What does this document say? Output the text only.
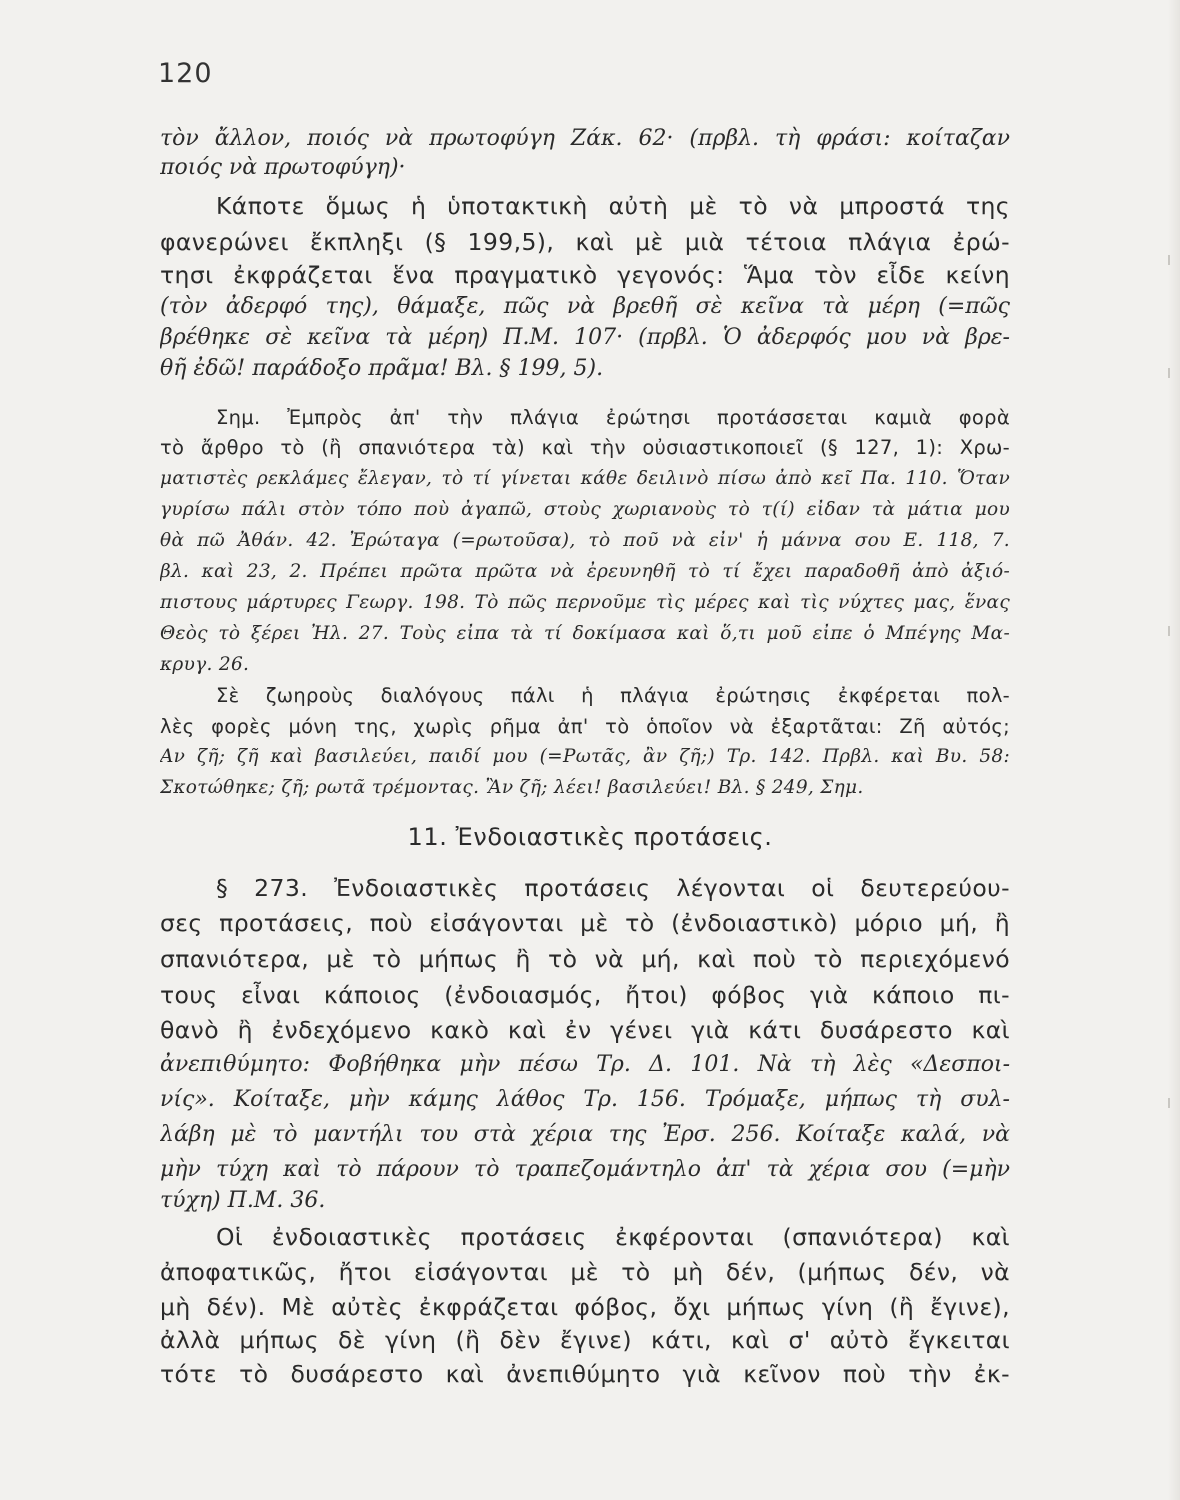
120
τὸν ἄλλον, ποιός νὰ πρωτοφύγη Ζάκ. 62· (πρβλ. τὴ φράσι: κοίταζαν
ποιός νὰ πρωτοφύγη)·
Κάποτε ὅμως ἡ ὑποτακτικὴ αὐτὴ μὲ τὸ νὰ μπροστά της
φανερώνει ἔκπληξι (§ 199,5), καὶ μὲ μιὰ τέτοια πλάγια ἐρώ-
τησι ἐκφράζεται ἕνα πραγματικὸ γεγονός: Ἅμα τὸν εἶδε κείνη
(τὸν ἀδερφό της), θάμαξε, πῶς νὰ βρεθῆ σὲ κεῖνα τὰ μέρη (=πῶς
βρέθηκε σὲ κεῖνα τὰ μέρη) Π.Μ. 107· (πρβλ. Ὁ ἀδερφός μου νὰ βρε-
θῆ ἐδῶ! παράδοξο πρᾶμα! Βλ. § 199, 5).
Σημ. Ἐμπρὸς ἀπ' τὴν πλάγια ἐρώτησι προτάσσεται καμιὰ φορὰ
τὸ ἄρθρο τὸ (ἢ σπανιότερα τὰ) καὶ τὴν οὐσιαστικοποιεῖ (§ 127, 1): Χρω-
ματιστὲς ρεκλάμες ἔλεγαν, τὸ τί γίνεται κάθε δειλινὸ πίσω ἀπὸ κεῖ Πα. 110. Ὅταν
γυρίσω πάλι στὸν τόπο ποὺ ἀγαπῶ, στοὺς χωριανοὺς τὸ τ(ί) εἶδαν τὰ μάτια μου
θὰ πῶ Ἀθάν. 42. Ἐρώταγα (=ρωτοῦσα), τὸ ποῦ νὰ εἶν' ἡ μάννα σου Ε. 118, 7.
βλ. καὶ 23, 2. Πρέπει πρῶτα πρῶτα νὰ ἐρευνηθῆ τὸ τί ἔχει παραδοθῆ ἀπὸ ἀξιό-
πιστους μάρτυρες Γεωργ. 198. Τὸ πῶς περνοῦμε τὶς μέρες καὶ τὶς νύχτες μας, ἕνας
Θεὸς τὸ ξέρει Ἠλ. 27. Τοὺς εἶπα τὰ τί δοκίμασα καὶ ὅ,τι μοῦ εἶπε ὁ Μπέγης Μα-
κρυγ. 26.
Σὲ ζωηροὺς διαλόγους πάλι ἡ πλάγια ἐρώτησις ἐκφέρεται πολ-
λὲς φορὲς μόνη της, χωρὶς ρῆμα ἀπ' τὸ ὁποῖον νὰ ἐξαρτᾶται: Ζῆ αὐτός;
Αν ζῆ; ζῆ καὶ βασιλεύει, παιδί μου (=Ρωτᾶς, ἂν ζῆ;) Τρ. 142. Πρβλ. καὶ Βυ. 58:
Σκοτώθηκε; ζῆ; ρωτᾶ τρέμοντας. Ἂν ζῆ; λέει! βασιλεύει! Βλ. § 249, Σημ.
11. Ἐνδοιαστικὲς προτάσεις.
§ 273. Ἐνδοιαστικὲς προτάσεις λέγονται οἱ δευτερεύου-
σες προτάσεις, ποὺ εἰσάγονται μὲ τὸ (ἐνδοιαστικὸ) μόριο μή, ἢ
σπανιότερα, μὲ τὸ μήπως ἢ τὸ νὰ μή, καὶ ποὺ τὸ περιεχόμενό
τους εἶναι κάποιος (ἐνδοιασμός, ἤτοι) φόβος γιὰ κάποιο πι-
θανὸ ἢ ἐνδεχόμενο κακὸ καὶ ἐν γένει γιὰ κάτι δυσάρεστο καὶ
ἀνεπιθύμητο: Φοβήθηκα μὴν πέσω Τρ. Δ. 101. Νὰ τὴ λὲς «Δεσποι-
νίς». Κοίταξε, μὴν κάμης λάθος Τρ. 156. Τρόμαξε, μήπως τὴ συλ-
λάβη μὲ τὸ μαντήλι του στὰ χέρια της Ἐρσ. 256. Κοίταξε καλά, νὰ
μὴν τύχη καὶ τὸ πάρουν τὸ τραπεζομάντηλο ἀπ' τὰ χέρια σου (=μὴν
τύχη) Π.Μ. 36.
Οἱ ἐνδοιαστικὲς προτάσεις ἐκφέρονται (σπανιότερα) καὶ
ἀποφατικῶς, ἤτοι εἰσάγονται μὲ τὸ μὴ δέν, (μήπως δέν, νὰ
μὴ δέν). Μὲ αὐτὲς ἐκφράζεται φόβος, ὄχι μήπως γίνη (ἢ ἔγινε),
ἀλλὰ μήπως δὲ γίνη (ἢ δὲν ἔγινε) κάτι, καὶ σ' αὐτὸ ἔγκειται
τότε τὸ δυσάρεστο καὶ ἀνεπιθύμητο γιὰ κεῖνον ποὺ τὴν ἐκ-
